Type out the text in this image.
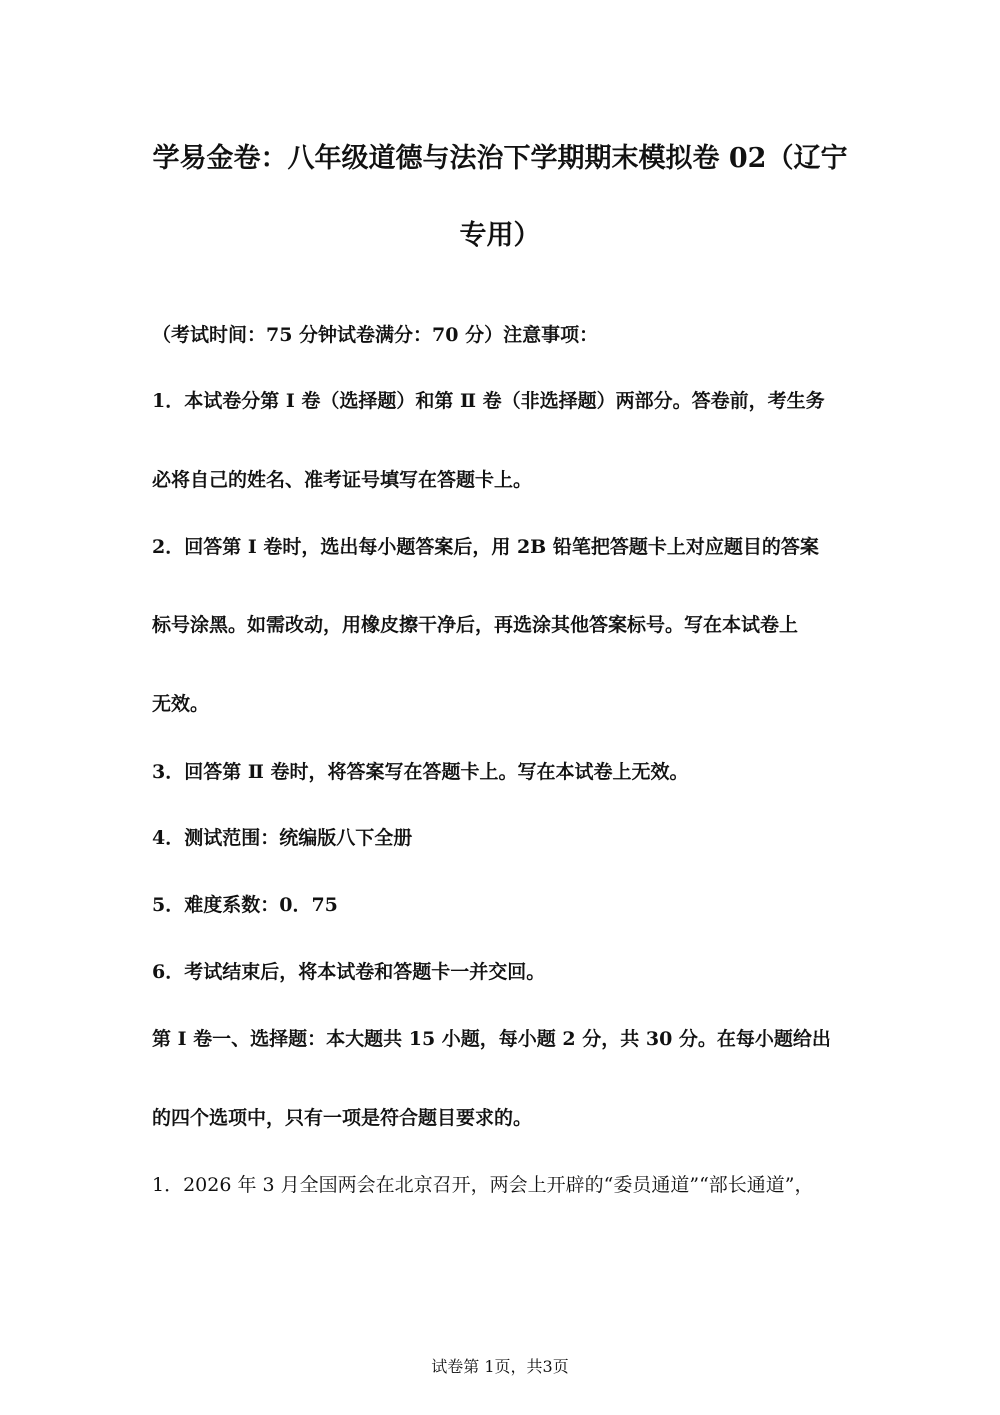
学易金卷：八年级道德与法治下学期期末模拟卷 02（辽宁
专用）
（考试时间：75 分钟试卷满分：70 分）注意事项：
1．本试卷分第 Ⅰ 卷（选择题）和第 Ⅱ 卷（非选择题）两部分。答卷前，考生务
必将自己的姓名、准考证号填写在答题卡上。
2．回答第 Ⅰ 卷时，选出每小题答案后，用 2B 铅笔把答题卡上对应题目的答案
标号涂黑。如需改动，用橡皮擦干净后，再选涂其他答案标号。写在本试卷上
无效。
3．回答第 Ⅱ 卷时，将答案写在答题卡上。写在本试卷上无效。
4．测试范围：统编版八下全册
5．难度系数：0．75
6．考试结束后，将本试卷和答题卡一并交回。
第 Ⅰ 卷一、选择题：本大题共 15 小题，每小题 2 分，共 30 分。在每小题给出
的四个选项中，只有一项是符合题目要求的。
1．2026 年 3 月全国两会在北京召开，两会上开辟的“委员通道”“部长通道”，
试卷第 1页，共3页
